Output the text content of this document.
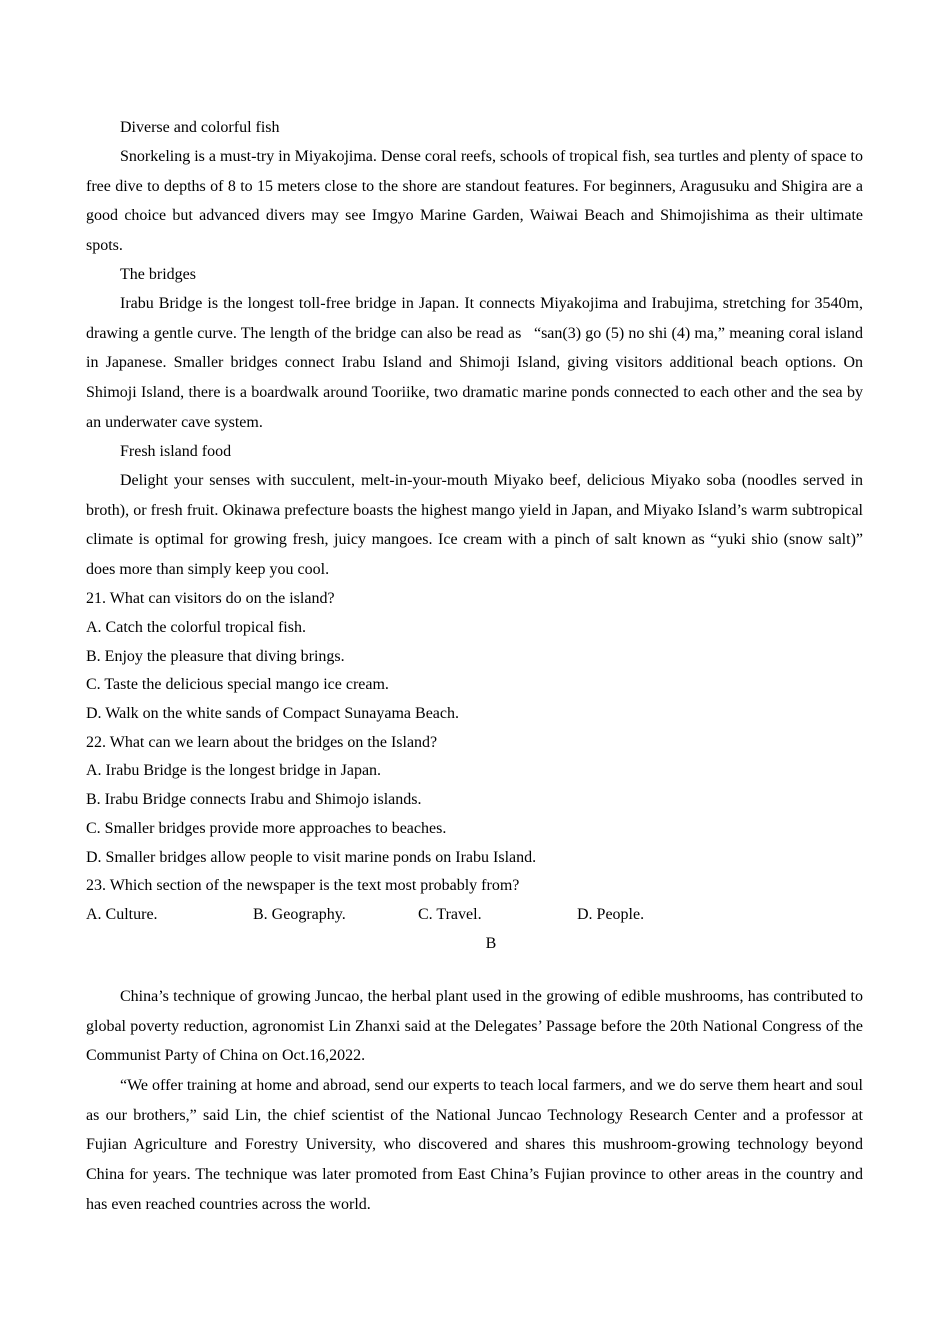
Diverse and colorful fish

Snorkeling is a must-try in Miyakojima. Dense coral reefs, schools of tropical fish, sea turtles and plenty of space to free dive to depths of 8 to 15 meters close to the shore are standout features. For beginners, Aragusuku and Shigira are a good choice but advanced divers may see Imgyo Marine Garden, Waiwai Beach and Shimojishima as their ultimate spots.

The bridges

Irabu Bridge is the longest toll-free bridge in Japan. It connects Miyakojima and Irabujima, stretching for 3540m, drawing a gentle curve. The length of the bridge can also be read as   “san(3) go (5) no shi (4) ma,” meaning coral island in Japanese. Smaller bridges connect Irabu Island and Shimoji Island, giving visitors additional beach options. On Shimoji Island, there is a boardwalk around Tooriike, two dramatic marine ponds connected to each other and the sea by an underwater cave system.

Fresh island food

Delight your senses with succulent, melt-in-your-mouth Miyako beef, delicious Miyako soba (noodles served in broth), or fresh fruit. Okinawa prefecture boasts the highest mango yield in Japan, and Miyako Island’s warm subtropical climate is optimal for growing fresh, juicy mangoes. Ice cream with a pinch of salt known as “yuki shio (snow salt)” does more than simply keep you cool.

21. What can visitors do on the island?
A. Catch the colorful tropical fish.
B. Enjoy the pleasure that diving brings.
C. Taste the delicious special mango ice cream.
D. Walk on the white sands of Compact Sunayama Beach.
22. What can we learn about the bridges on the Island?
A. Irabu Bridge is the longest bridge in Japan.
B. Irabu Bridge connects Irabu and Shimojo islands.
C. Smaller bridges provide more approaches to beaches.
D. Smaller bridges allow people to visit marine ponds on Irabu Island.
23. Which section of the newspaper is the text most probably from?
A. Culture.	B. Geography.	C. Travel.	D. People.
B

China’s technique of growing Juncao, the herbal plant used in the growing of edible mushrooms, has contributed to global poverty reduction, agronomist Lin Zhanxi said at the Delegates’ Passage before the 20th National Congress of the Communist Party of China on Oct.16,2022.

“We offer training at home and abroad, send our experts to teach local farmers, and we do serve them heart and soul as our brothers,” said Lin, the chief scientist of the National Juncao Technology Research Center and a professor at Fujian Agriculture and Forestry University, who discovered and shares this mushroom-growing technology beyond China for years. The technique was later promoted from East China’s Fujian province to other areas in the country and has even reached countries across the world.
